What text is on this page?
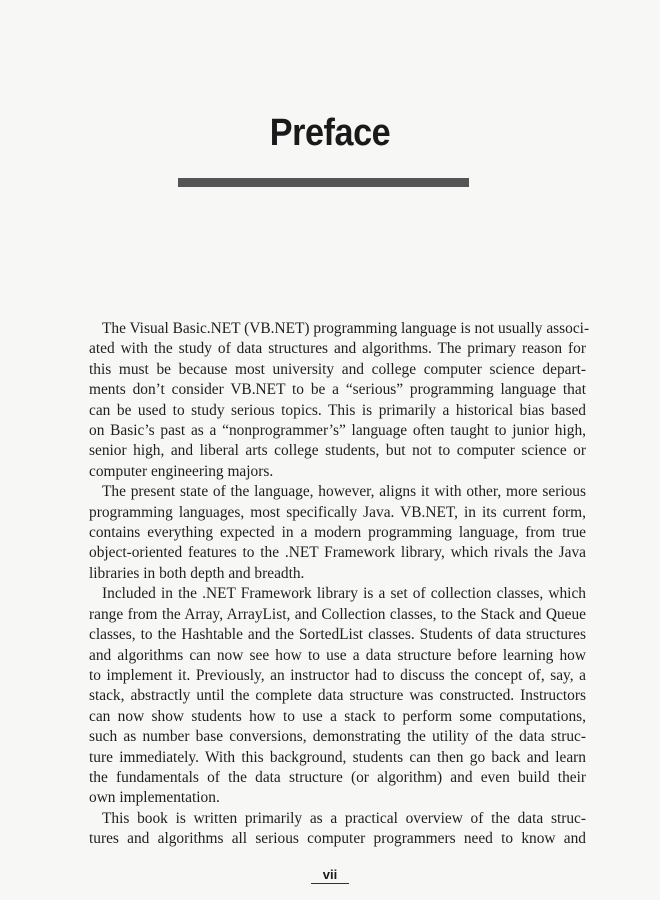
Preface

The Visual Basic.NET (VB.NET) programming language is not usually associ-
ated with the study of data structures and algorithms. The primary reason for
this must be because most university and college computer science depart-
ments don’t consider VB.NET to be a “serious” programming language that
can be used to study serious topics. This is primarily a historical bias based
on Basic’s past as a “nonprogrammer’s” language often taught to junior high,
senior high, and liberal arts college students, but not to computer science or
computer engineering majors.

The present state of the language, however, aligns it with other, more serious
programming languages, most specifically Java. VB.NET, in its current form,
contains everything expected in a modern programming language, from true
object-oriented features to the .NET Framework library, which rivals the Java
libraries in both depth and breadth.

Included in the .NET Framework library is a set of collection classes, which
range from the Array, ArrayList, and Collection classes, to the Stack and Queue
classes, to the Hashtable and the SortedList classes. Students of data structures
and algorithms can now see how to use a data structure before learning how
to implement it. Previously, an instructor had to discuss the concept of, say, a
stack, abstractly until the complete data structure was constructed. Instructors
can now show students how to use a stack to perform some computations,
such as number base conversions, demonstrating the utility of the data struc-
ture immediately. With this background, students can then go back and learn
the fundamentals of the data structure (or algorithm) and even build their
own implementation.

This book is written primarily as a practical overview of the data struc-
tures and algorithms all serious computer programmers need to know and

vii
